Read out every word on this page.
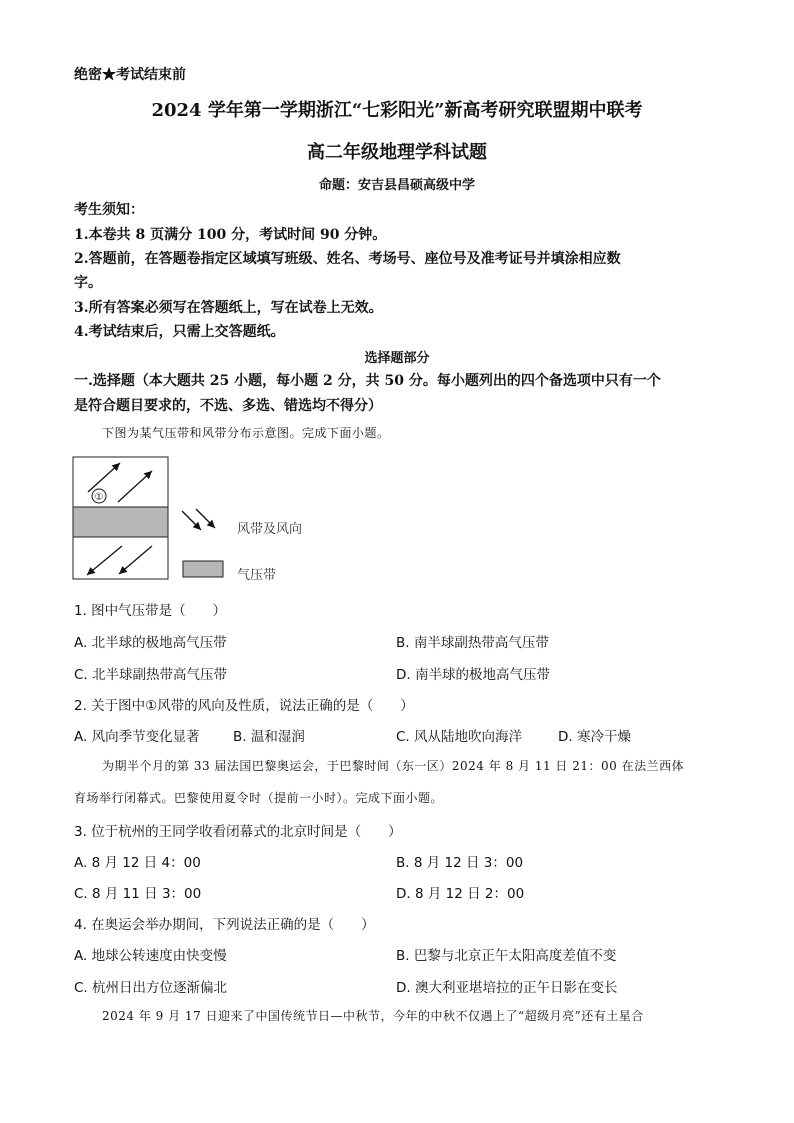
绝密★考试结束前
2024 学年第一学期浙江“七彩阳光”新高考研究联盟期中联考
高二年级地理学科试题
命题：安吉县昌硕高级中学
考生须知：
1.本卷共 8 页满分 100 分，考试时间 90 分钟。
2.答题前，在答题卷指定区域填写班级、姓名、考场号、座位号及准考证号并填涂相应数
字。
3.所有答案必须写在答题纸上，写在试卷上无效。
4.考试结束后，只需上交答题纸。
选择题部分
一.选择题（本大题共 25 小题，每小题 2 分，共 50 分。每小题列出的四个备选项中只有一个
是符合题目要求的，不选、多选、错选均不得分）
下图为某气压带和风带分布示意图。完成下面小题。
①
风带及风向
气压带
1. 图中气压带是（　　）
A. 北半球的极地高气压带	B. 南半球副热带高气压带
C. 北半球副热带高气压带	D. 南半球的极地高气压带
2. 关于图中①风带的风向及性质，说法正确的是（　　）
A. 风向季节变化显著 B. 温和湿润	C. 风从陆地吹向海洋	D. 寒冷干燥
为期半个月的第 33 届法国巴黎奥运会，于巴黎时间（东一区）2024 年 8 月 11 日 21：00 在法兰西体
育场举行闭幕式。巴黎使用夏令时（提前一小时）。完成下面小题。
3. 位于杭州的王同学收看闭幕式的北京时间是（　　）
A. 8 月 12 日 4：00	B. 8 月 12 日 3：00
C. 8 月 11 日 3：00	D. 8 月 12 日 2：00
4. 在奥运会举办期间，下列说法正确的是（　　）
A. 地球公转速度由快变慢	B. 巴黎与北京正午太阳高度差值不变
C. 杭州日出方位逐渐偏北	D. 澳大利亚堪培拉的正午日影在变长
2024 年 9 月 17 日迎来了中国传统节日—中秋节，今年的中秋不仅遇上了“超级月亮”还有土星合
